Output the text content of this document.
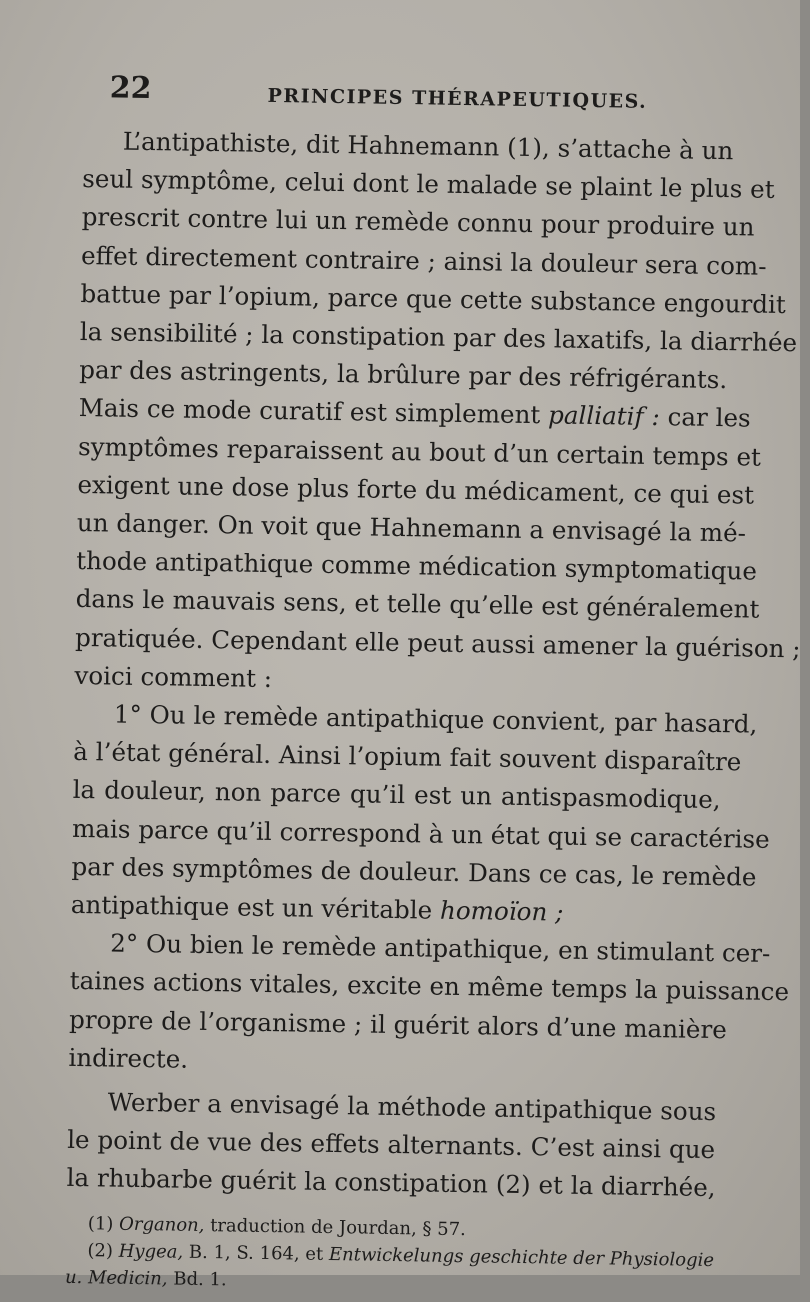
22	PRINCIPES THÉRAPEUTIQUES.

L’antipathiste, dit Hahnemann (1), s’attache à un
seul symptôme, celui dont le malade se plaint le plus et
prescrit contre lui un remède connu pour produire un
effet directement contraire ; ainsi la douleur sera com-
battue par l’opium, parce que cette substance engourdit
la sensibilité ; la constipation par des laxatifs, la diarrhée
par des astringents, la brûlure par des réfrigérants.
Mais ce mode curatif est simplement palliatif : car les
symptômes reparaissent au bout d’un certain temps et
exigent une dose plus forte du médicament, ce qui est
un danger. On voit que Hahnemann a envisagé la mé-
thode antipathique comme médication symptomatique
dans le mauvais sens, et telle qu’elle est généralement
pratiquée. Cependant elle peut aussi amener la guérison ;
voici comment :

1° Ou le remède antipathique convient, par hasard,
à l’état général. Ainsi l’opium fait souvent disparaître
la douleur, non parce qu’il est un antispasmodique,
mais parce qu’il correspond à un état qui se caractérise
par des symptômes de douleur. Dans ce cas, le remède
antipathique est un véritable homoïon ;

2° Ou bien le remède antipathique, en stimulant cer-
taines actions vitales, excite en même temps la puissance
propre de l’organisme ; il guérit alors d’une manière
indirecte.

Werber a envisagé la méthode antipathique sous
le point de vue des effets alternants. C’est ainsi que
la rhubarbe guérit la constipation (2) et la diarrhée,

(1) Organon, traduction de Jourdan, § 57.
(2) Hygea, B. 1, S. 164, et Entwickelungs geschichte der Physiologie
u. Medicin, Bd. 1.
